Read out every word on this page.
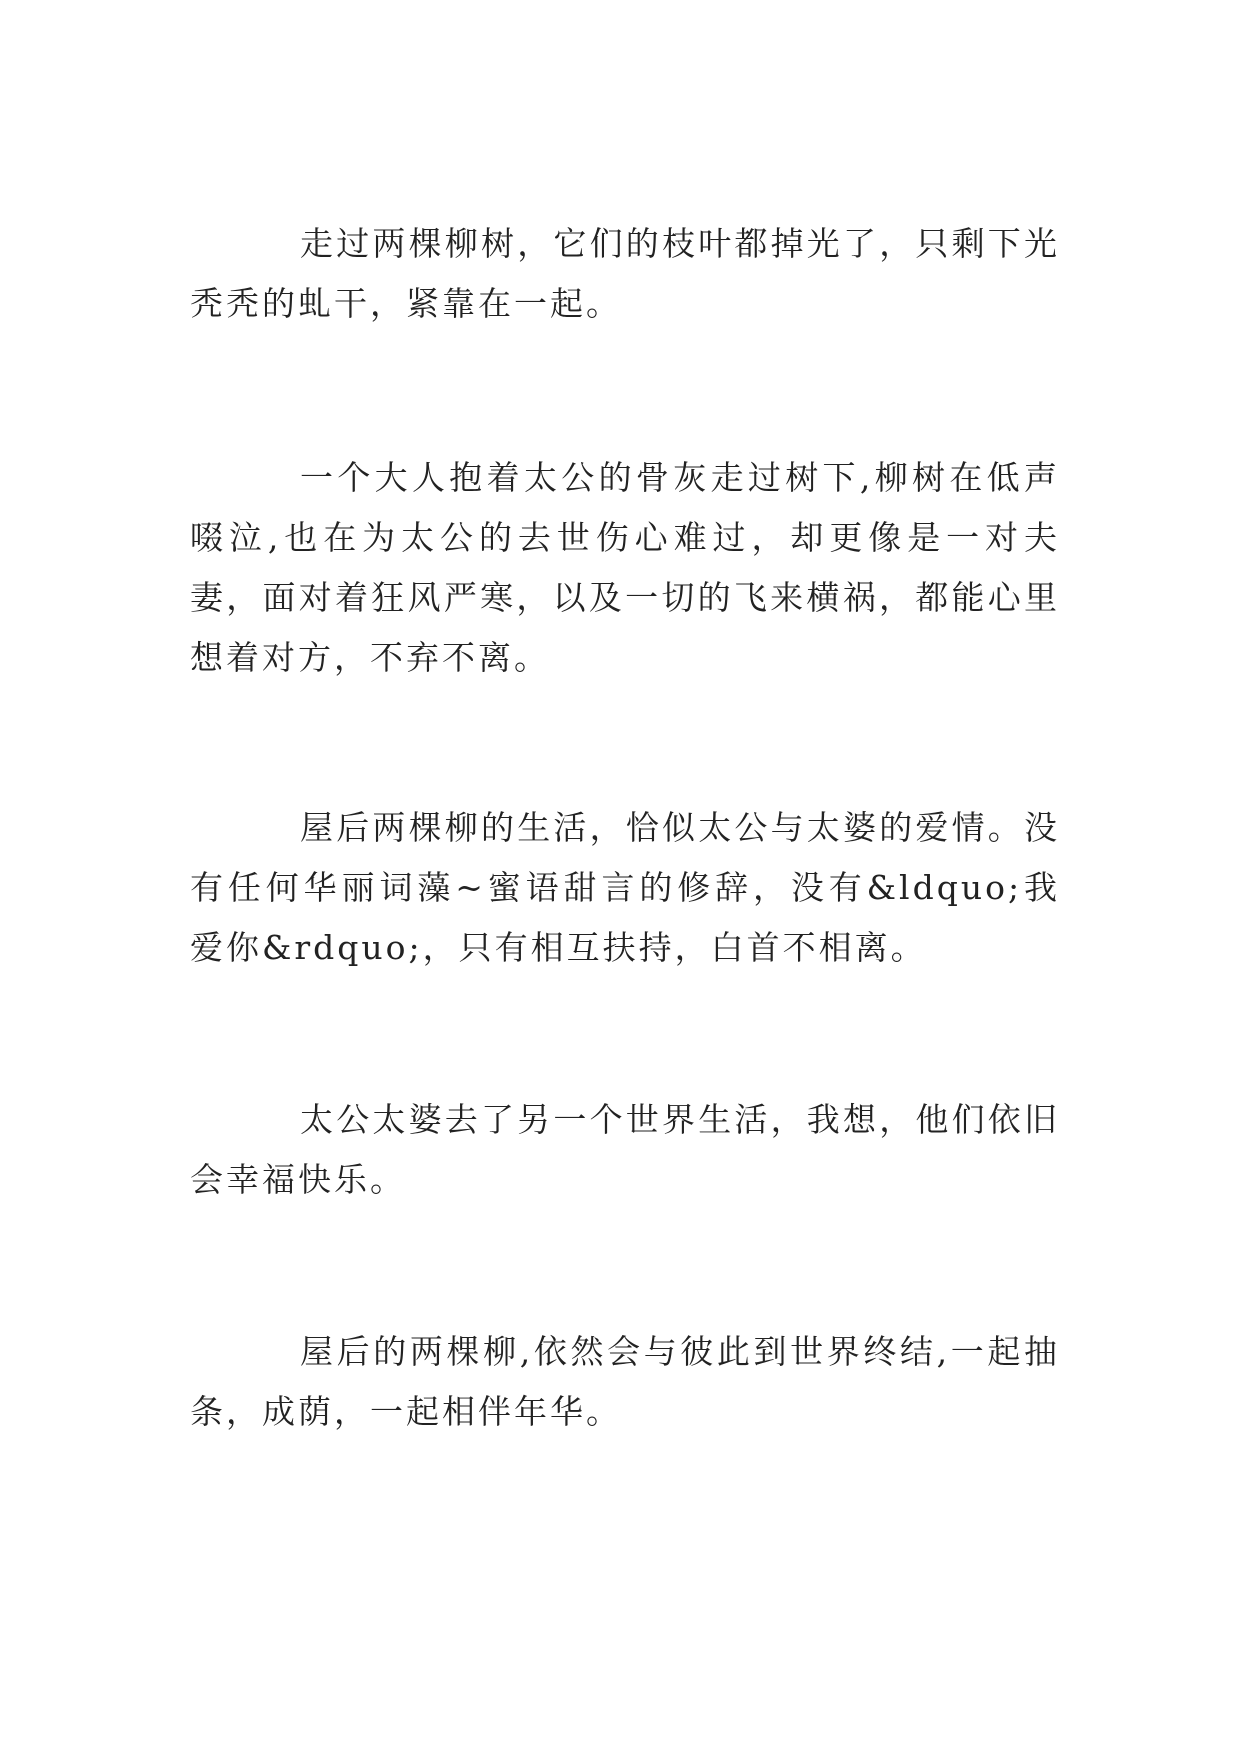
走过两棵柳树，它们的枝叶都掉光了，只剩下光秃秃的虬干，紧靠在一起。

一个大人抱着太公的骨灰走过树下,柳树在低声啜泣,也在为太公的去世伤心难过，却更像是一对夫妻，面对着狂风严寒，以及一切的飞来横祸，都能心里想着对方，不弃不离。

屋后两棵柳的生活，恰似太公与太婆的爱情。没有任何华丽词藻~蜜语甜言的修辞，没有&ldquo;我爱你&rdquo;，只有相互扶持，白首不相离。

太公太婆去了另一个世界生活，我想，他们依旧会幸福快乐。

屋后的两棵柳,依然会与彼此到世界终结,一起抽条，成荫，一起相伴年华。
